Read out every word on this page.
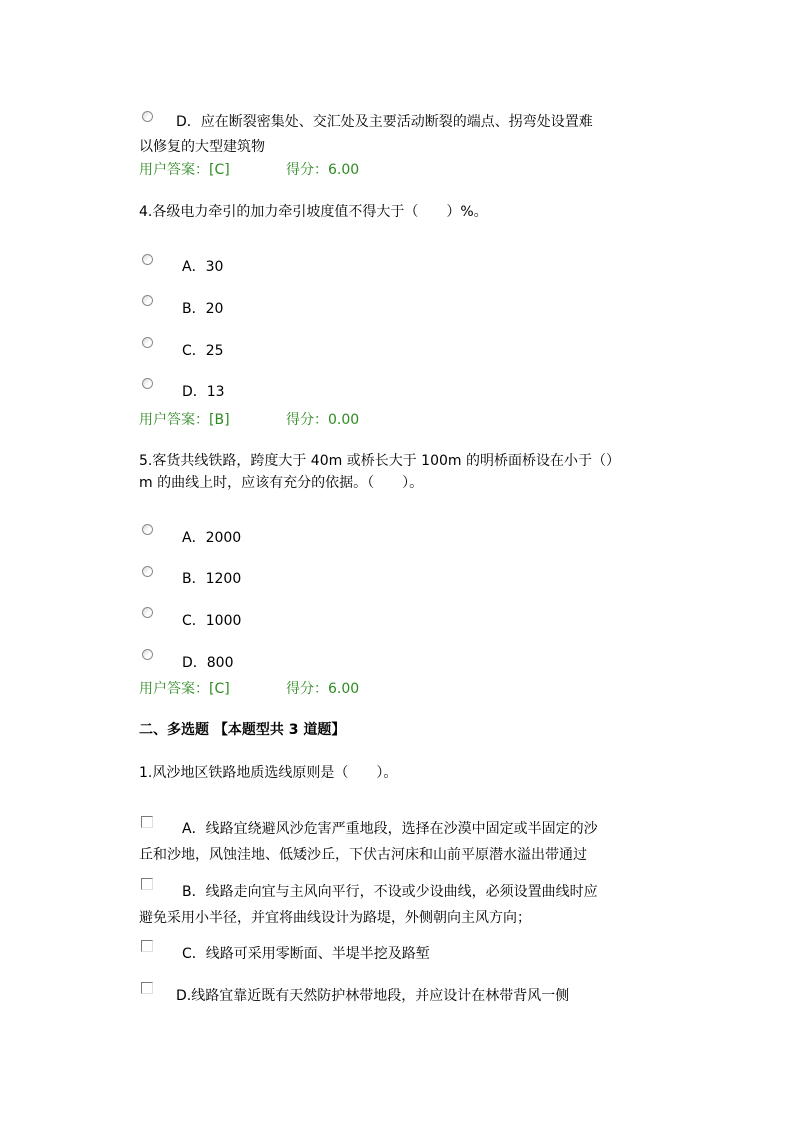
D．应在断裂密集处、交汇处及主要活动断裂的端点、拐弯处设置难
以修复的大型建筑物
用户答案：[C]	得分：6.00
4.各级电力牵引的加力牵引坡度值不得大于（　　）%。
A．30
B．20
C．25
D．13
用户答案：[B]	得分：0.00
5.客货共线铁路，跨度大于 40m 或桥长大于 100m 的明桥面桥设在小于（）
m 的曲线上时，应该有充分的依据。（　　）。
A．2000
B．1200
C．1000
D．800
用户答案：[C]	得分：6.00
二、多选题 【本题型共 3 道题】
1.风沙地区铁路地质选线原则是（　　）。
A．线路宜绕避风沙危害严重地段，选择在沙漠中固定或半固定的沙
丘和沙地，风蚀洼地、低矮沙丘，下伏古河床和山前平原潜水溢出带通过
B．线路走向宜与主风向平行，不设或少设曲线，必须设置曲线时应
避免采用小半径，并宜将曲线设计为路堤，外侧朝向主风方向；
C．线路可采用零断面、半堤半挖及路堑
D.线路宜靠近既有天然防护林带地段，并应设计在林带背风一侧
